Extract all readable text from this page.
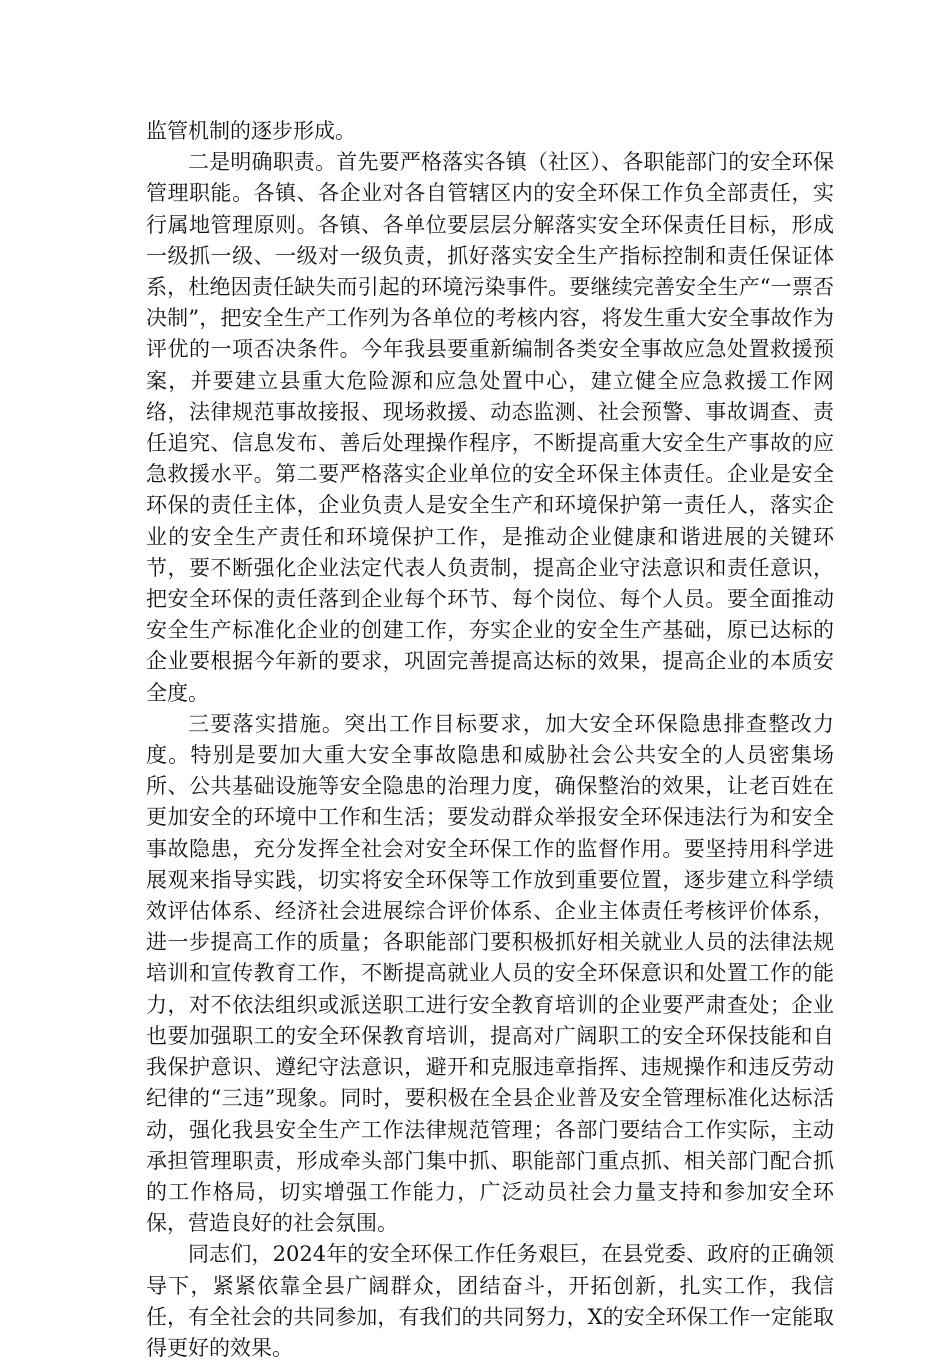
监管机制的逐步形成。

二是明确职责。首先要严格落实各镇（社区）、各职能部门的安全环保管理职能。各镇、各企业对各自管辖区内的安全环保工作负全部责任，实行属地管理原则。各镇、各单位要层层分解落实安全环保责任目标，形成一级抓一级、一级对一级负责，抓好落实安全生产指标控制和责任保证体系，杜绝因责任缺失而引起的环境污染事件。要继续完善安全生产“一票否决制”，把安全生产工作列为各单位的考核内容，将发生重大安全事故作为评优的一项否决条件。今年我县要重新编制各类安全事故应急处置救援预案，并要建立县重大危险源和应急处置中心，建立健全应急救援工作网络，法律规范事故接报、现场救援、动态监测、社会预警、事故调查、责任追究、信息发布、善后处理操作程序，不断提高重大安全生产事故的应急救援水平。第二要严格落实企业单位的安全环保主体责任。企业是安全环保的责任主体，企业负责人是安全生产和环境保护第一责任人，落实企业的安全生产责任和环境保护工作，是推动企业健康和谐进展的关键环节，要不断强化企业法定代表人负责制，提高企业守法意识和责任意识，把安全环保的责任落到企业每个环节、每个岗位、每个人员。要全面推动安全生产标准化企业的创建工作，夯实企业的安全生产基础，原已达标的企业要根据今年新的要求，巩固完善提高达标的效果，提高企业的本质安全度。

三要落实措施。突出工作目标要求，加大安全环保隐患排查整改力度。特别是要加大重大安全事故隐患和威胁社会公共安全的人员密集场所、公共基础设施等安全隐患的治理力度，确保整治的效果，让老百姓在更加安全的环境中工作和生活；要发动群众举报安全环保违法行为和安全事故隐患，充分发挥全社会对安全环保工作的监督作用。要坚持用科学进展观来指导实践，切实将安全环保等工作放到重要位置，逐步建立科学绩效评估体系、经济社会进展综合评价体系、企业主体责任考核评价体系，进一步提高工作的质量；各职能部门要积极抓好相关就业人员的法律法规培训和宣传教育工作，不断提高就业人员的安全环保意识和处置工作的能力，对不依法组织或派送职工进行安全教育培训的企业要严肃查处；企业也要加强职工的安全环保教育培训，提高对广阔职工的安全环保技能和自我保护意识、遵纪守法意识，避开和克服违章指挥、违规操作和违反劳动纪律的“三违”现象。同时，要积极在全县企业普及安全管理标准化达标活动，强化我县安全生产工作法律规范管理；各部门要结合工作实际，主动承担管理职责，形成牵头部门集中抓、职能部门重点抓、相关部门配合抓的工作格局，切实增强工作能力，广泛动员社会力量支持和参加安全环保，营造良好的社会氛围。

同志们，2024年的安全环保工作任务艰巨，在县党委、政府的正确领导下，紧紧依靠全县广阔群众，团结奋斗，开拓创新，扎实工作，我信任，有全社会的共同参加，有我们的共同努力，X的安全环保工作一定能取得更好的效果。
